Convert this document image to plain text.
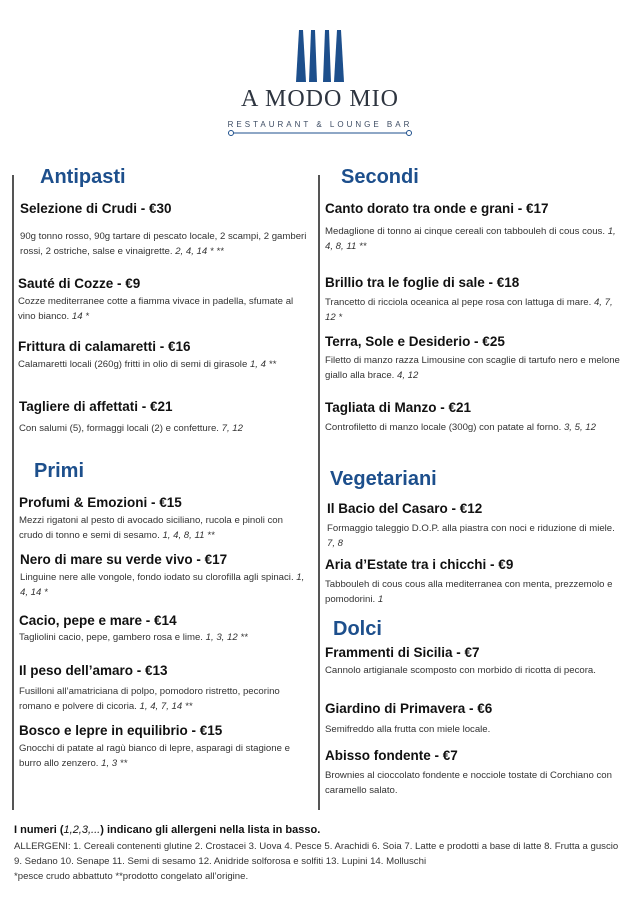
A MODO MIO
RESTAURANT & LOUNGE BAR
Antipasti
Selezione di Crudi - €30
90g tonno rosso, 90g tartare di pescato locale, 2 scampi, 2 gamberi rossi, 2 ostriche, salse e vinaigrette. 2, 4, 14 * **
Sauté di Cozze - €9
Cozze mediterranee cotte a fiamma vivace in padella, sfumate al vino bianco. 14 *
Frittura di calamaretti - €16
Calamaretti locali (260g) fritti in olio di semi di girasole 1, 4 **
Tagliere di affettati - €21
Con salumi (5), formaggi locali (2) e confetture. 7, 12
Primi
Profumi & Emozioni - €15
Mezzi rigatoni al pesto di avocado siciliano, rucola e pinoli con crudo di tonno e semi di sesamo. 1, 4, 8, 11 **
Nero di mare su verde vivo - €17
Linguine nere alle vongole, fondo iodato su clorofilla agli spinaci. 1, 4, 14 *
Cacio, pepe e mare - €14
Tagliolini cacio, pepe, gambero rosa e lime. 1, 3, 12 **
Il peso dell’amaro - €13
Fusilloni all’amatriciana di polpo, pomodoro ristretto, pecorino romano e polvere di cicoria. 1, 4, 7, 14 **
Bosco e lepre in equilibrio - €15
Gnocchi di patate al ragù bianco di lepre, asparagi di stagione e burro allo zenzero. 1, 3 **
Secondi
Canto dorato tra onde e grani - €17
Medaglione di tonno ai cinque cereali con tabbouleh di cous cous. 1, 4, 8, 11 **
Brillio tra le foglie di sale - €18
Trancetto di ricciola oceanica al pepe rosa con lattuga di mare. 4, 7, 12 *
Terra, Sole e Desiderio - €25
Filetto di manzo razza Limousine con scaglie di tartufo nero e melone giallo alla brace. 4, 12
Tagliata di Manzo - €21
Controfiletto di manzo locale (300g) con patate al forno. 3, 5, 12
Vegetariani
Il Bacio del Casaro - €12
Formaggio taleggio D.O.P. alla piastra con noci e riduzione di miele. 7, 8
Aria d’Estate tra i chicchi - €9
Tabbouleh di cous cous alla mediterranea con menta, prezzemolo e pomodorini. 1
Dolci
Frammenti di Sicilia - €7
Cannolo artigianale scomposto con morbido di ricotta di pecora.
Giardino di Primavera - €6
Semifreddo alla frutta con miele locale.
Abisso fondente - €7
Brownies al cioccolato fondente e nocciole tostate di Corchiano con caramello salato.
I numeri (1,2,3,...) indicano gli allergeni nella lista in basso.
ALLERGENI: 1. Cereali contenenti glutine 2. Crostacei 3. Uova 4. Pesce 5. Arachidi 6. Soia 7. Latte e prodotti a base di latte 8. Frutta a guscio 9. Sedano 10. Senape 11. Semi di sesamo 12. Anidride solforosa e solfiti 13. Lupini 14. Molluschi
*pesce crudo abbattuto **prodotto congelato all’origine.
